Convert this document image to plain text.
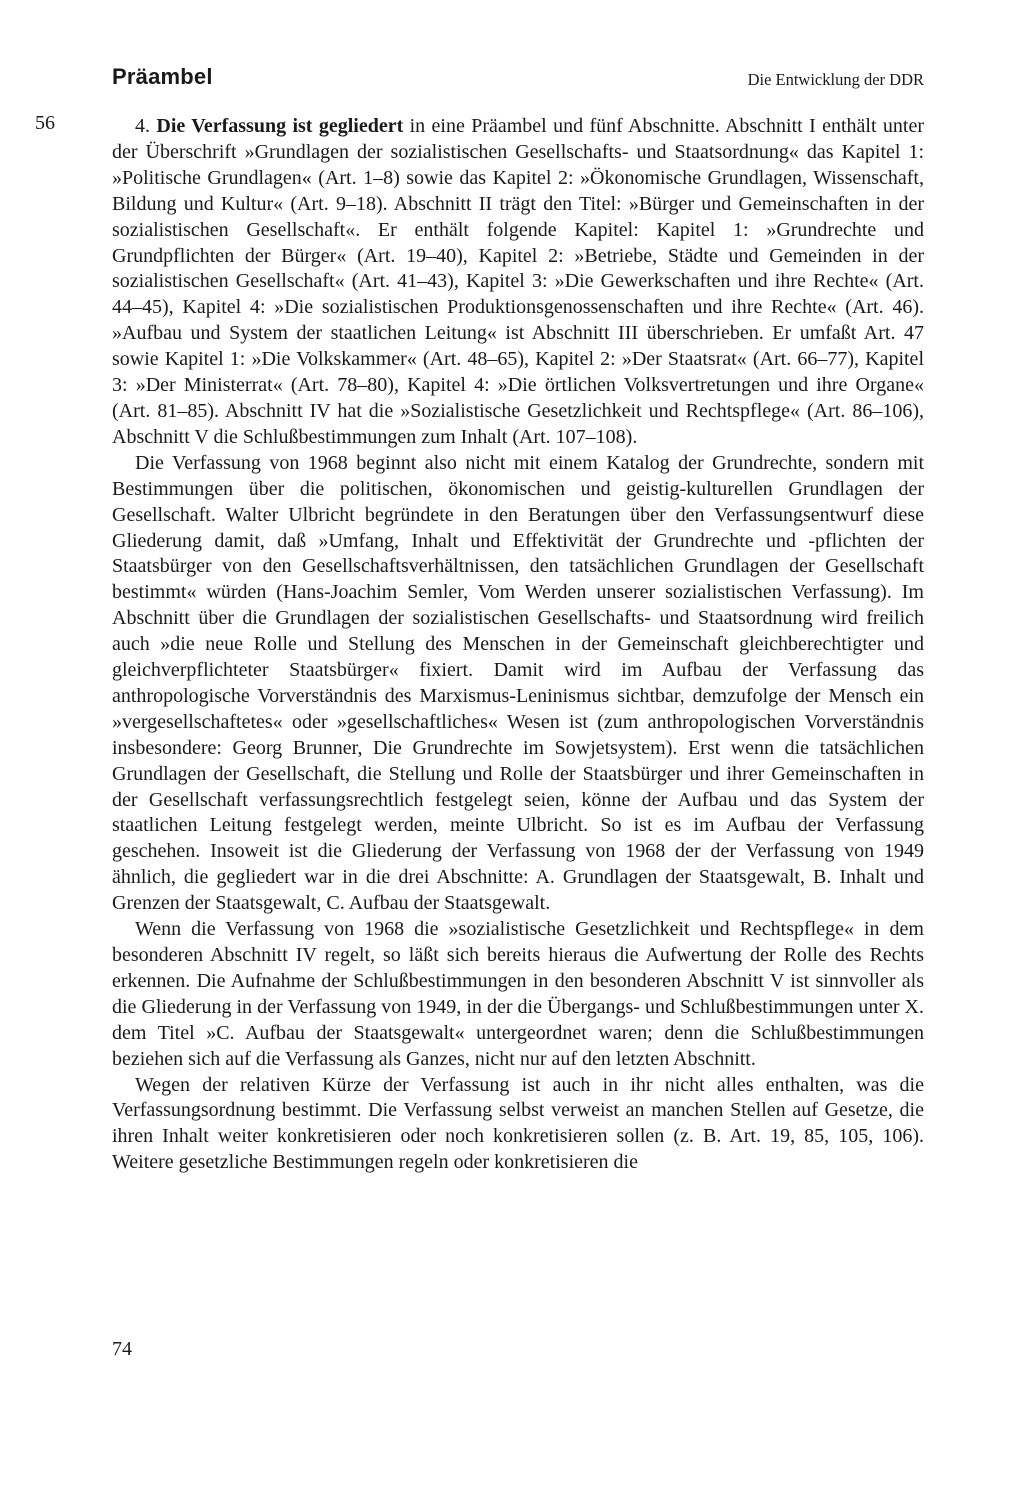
Präambel	Die Entwicklung der DDR
56	4. Die Verfassung ist gegliedert in eine Präambel und fünf Abschnitte. Abschnitt I enthält unter der Überschrift »Grundlagen der sozialistischen Gesellschafts- und Staatsordnung« das Kapitel 1: »Politische Grundlagen« (Art. 1–8) sowie das Kapitel 2: »Ökonomische Grundlagen, Wissenschaft, Bildung und Kultur« (Art. 9–18). Abschnitt II trägt den Titel: »Bürger und Gemeinschaften in der sozialistischen Gesellschaft«. Er enthält folgende Kapitel: Kapitel 1: »Grundrechte und Grundpflichten der Bürger« (Art. 19–40), Kapitel 2: »Betriebe, Städte und Gemeinden in der sozialistischen Gesellschaft« (Art. 41–43), Kapitel 3: »Die Gewerkschaften und ihre Rechte« (Art. 44–45), Kapitel 4: »Die sozialistischen Produktionsgenossenschaften und ihre Rechte« (Art. 46). »Aufbau und System der staatlichen Leitung« ist Abschnitt III überschrieben. Er umfaßt Art. 47 sowie Kapitel 1: »Die Volkskammer« (Art. 48–65), Kapitel 2: »Der Staatsrat« (Art. 66–77), Kapitel 3: »Der Ministerrat« (Art. 78–80), Kapitel 4: »Die örtlichen Volksvertretungen und ihre Organe« (Art. 81–85). Abschnitt IV hat die »Sozialistische Gesetzlichkeit und Rechtspflege« (Art. 86–106), Abschnitt V die Schlußbestimmungen zum Inhalt (Art. 107–108).

Die Verfassung von 1968 beginnt also nicht mit einem Katalog der Grundrechte, sondern mit Bestimmungen über die politischen, ökonomischen und geistig-kulturellen Grundlagen der Gesellschaft. Walter Ulbricht begründete in den Beratungen über den Verfassungsentwurf diese Gliederung damit, daß »Umfang, Inhalt und Effektivität der Grundrechte und -pflichten der Staatsbürger von den Gesellschaftsverhältnissen, den tatsächlichen Grundlagen der Gesellschaft bestimmt« würden (Hans-Joachim Semler, Vom Werden unserer sozialistischen Verfassung). Im Abschnitt über die Grundlagen der sozialistischen Gesellschafts- und Staatsordnung wird freilich auch »die neue Rolle und Stellung des Menschen in der Gemeinschaft gleichberechtigter und gleichverpflichteter Staatsbürger« fixiert. Damit wird im Aufbau der Verfassung das anthropologische Vorverständnis des Marxismus-Leninismus sichtbar, demzufolge der Mensch ein »vergesellschaftetes« oder »gesellschaftliches« Wesen ist (zum anthropologischen Vorverständnis insbesondere: Georg Brunner, Die Grundrechte im Sowjetsystem). Erst wenn die tatsächlichen Grundlagen der Gesellschaft, die Stellung und Rolle der Staatsbürger und ihrer Gemeinschaften in der Gesellschaft verfassungsrechtlich festgelegt seien, könne der Aufbau und das System der staatlichen Leitung festgelegt werden, meinte Ulbricht. So ist es im Aufbau der Verfassung geschehen. Insoweit ist die Gliederung der Verfassung von 1968 der der Verfassung von 1949 ähnlich, die gegliedert war in die drei Abschnitte: A. Grundlagen der Staatsgewalt, B. Inhalt und Grenzen der Staatsgewalt, C. Aufbau der Staatsgewalt.

Wenn die Verfassung von 1968 die »sozialistische Gesetzlichkeit und Rechtspflege« in dem besonderen Abschnitt IV regelt, so läßt sich bereits hieraus die Aufwertung der Rolle des Rechts erkennen. Die Aufnahme der Schlußbestimmungen in den besonderen Abschnitt V ist sinnvoller als die Gliederung in der Verfassung von 1949, in der die Übergangs- und Schlußbestimmungen unter X. dem Titel »C. Aufbau der Staatsgewalt« untergeordnet waren; denn die Schlußbestimmungen beziehen sich auf die Verfassung als Ganzes, nicht nur auf den letzten Abschnitt.

Wegen der relativen Kürze der Verfassung ist auch in ihr nicht alles enthalten, was die Verfassungsordnung bestimmt. Die Verfassung selbst verweist an manchen Stellen auf Gesetze, die ihren Inhalt weiter konkretisieren oder noch konkretisieren sollen (z. B. Art. 19, 85, 105, 106). Weitere gesetzliche Bestimmungen regeln oder konkretisieren die

74
